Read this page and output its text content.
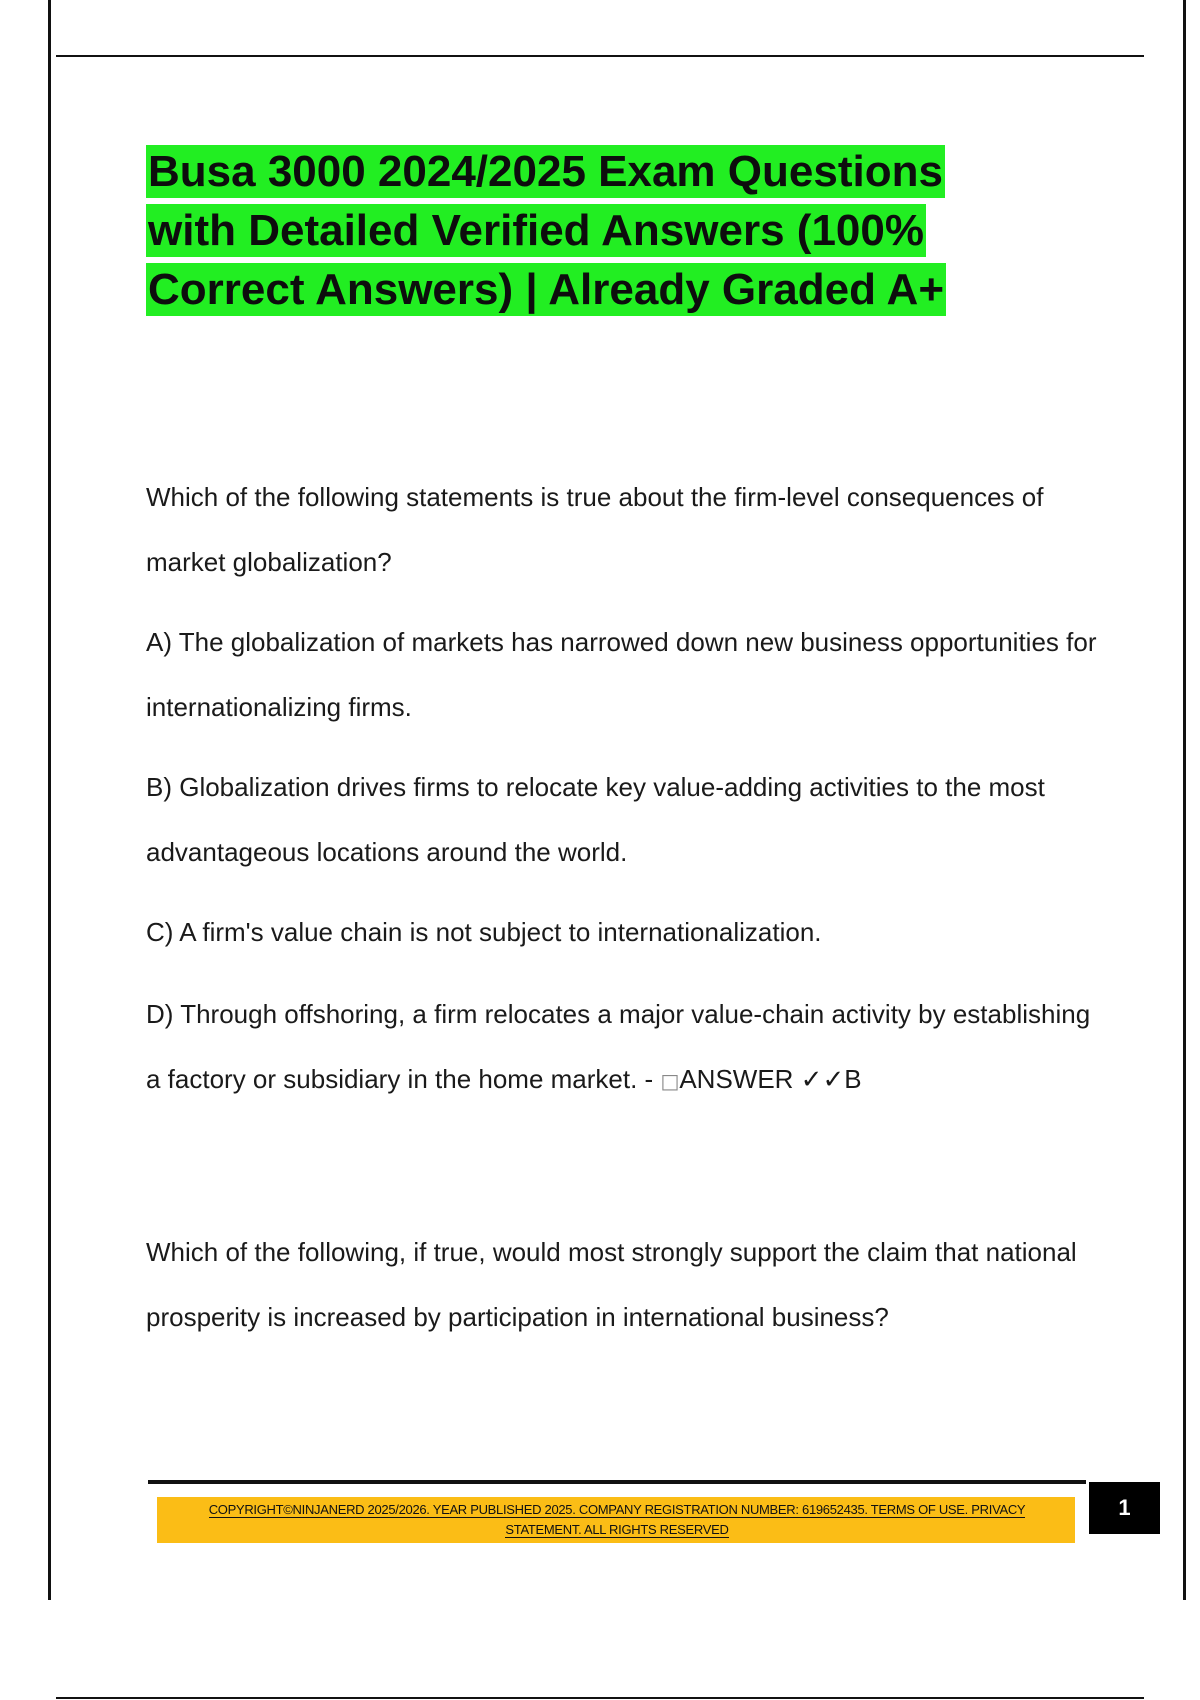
Busa 3000 2024/2025 Exam Questions with Detailed Verified Answers (100% Correct Answers) | Already Graded A+

Which of the following statements is true about the firm-level consequences of market globalization?

A) The globalization of markets has narrowed down new business opportunities for internationalizing firms.

B) Globalization drives firms to relocate key value-adding activities to the most advantageous locations around the world.

C) A firm's value chain is not subject to internationalization.

D) Through offshoring, a firm relocates a major value-chain activity by establishing a factory or subsidiary in the home market. - □ANSWER ✓✓B

Which of the following, if true, would most strongly support the claim that national prosperity is increased by participation in international business?

COPYRIGHT©NINJANERD 2025/2026. YEAR PUBLISHED 2025. COMPANY REGISTRATION NUMBER: 619652435. TERMS OF USE. PRIVACY
STATEMENT. ALL RIGHTS RESERVED

1
